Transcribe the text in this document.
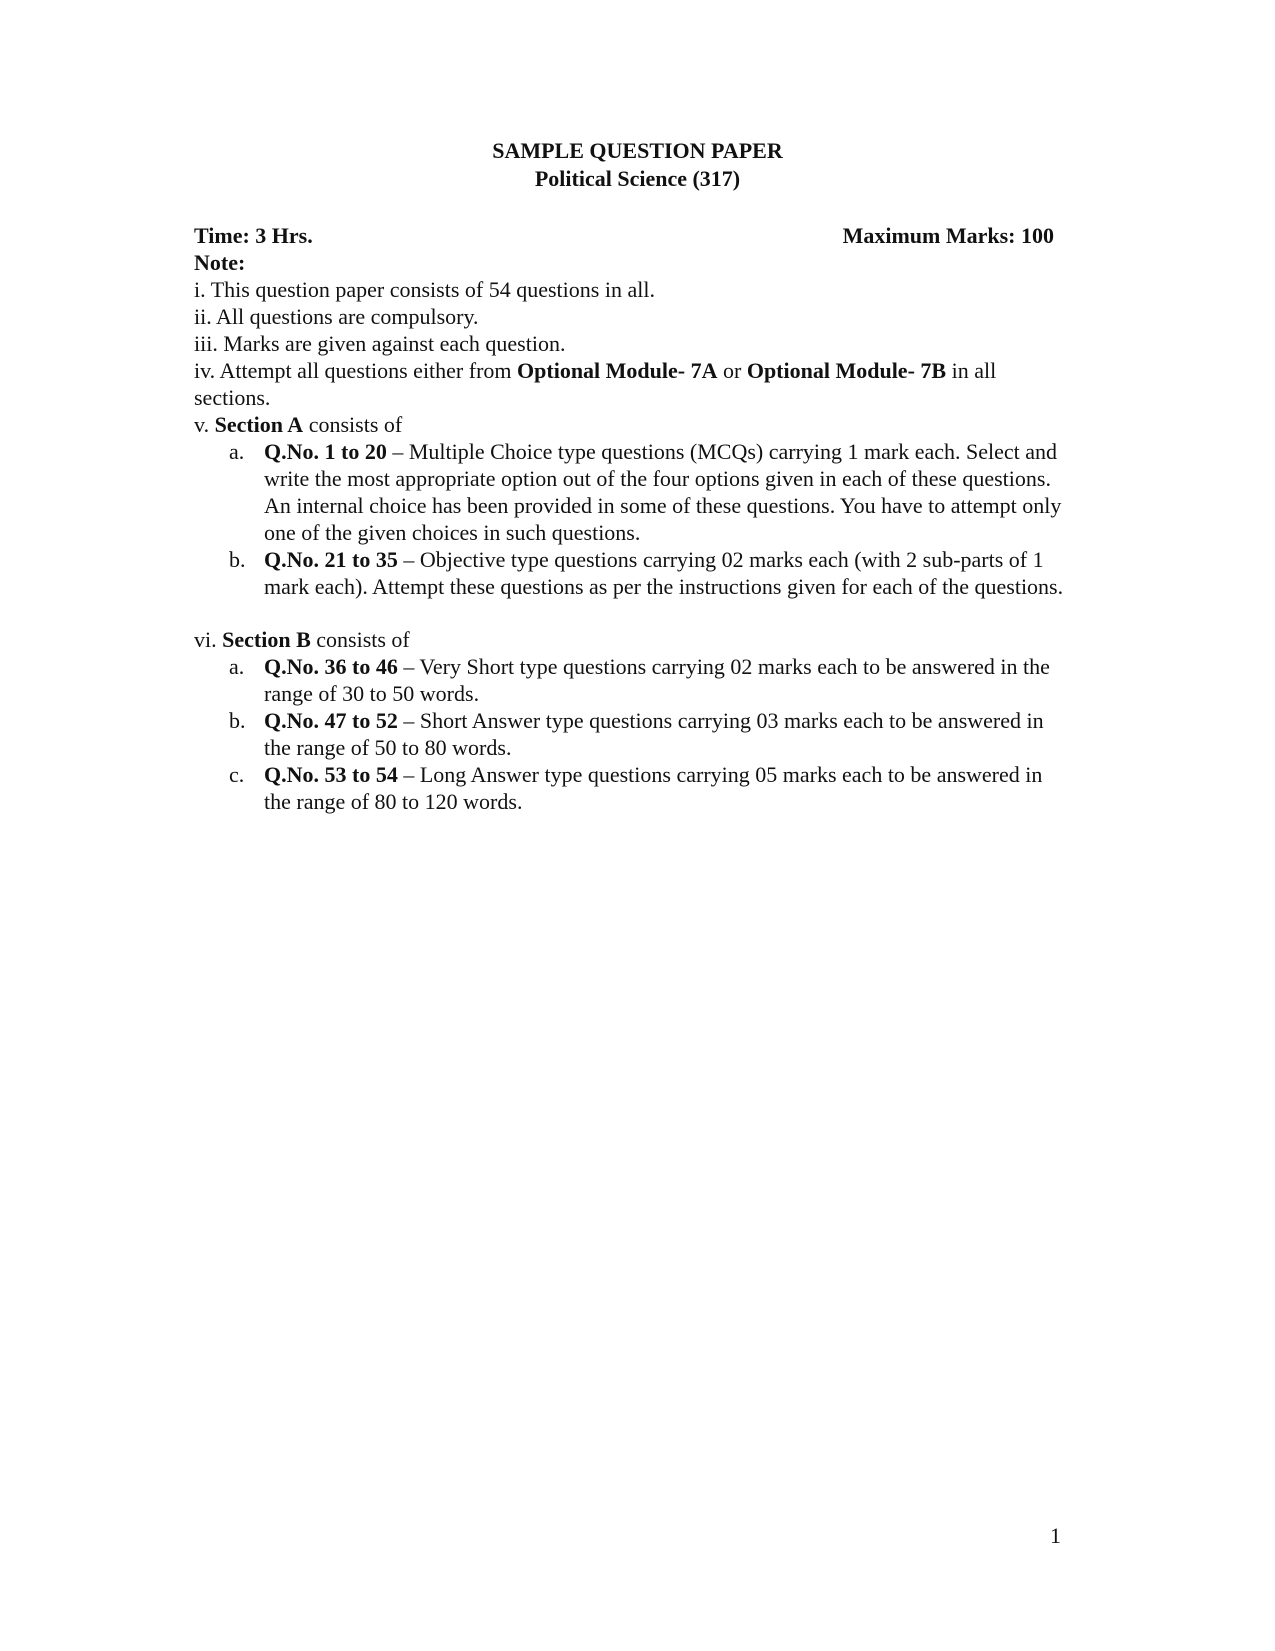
SAMPLE QUESTION PAPER
Political Science (317)
Time: 3 Hrs.	Maximum Marks: 100

Note:

i. This question paper consists of 54 questions in all.

ii. All questions are compulsory.

iii. Marks are given against each question.

iv. Attempt all questions either from Optional Module- 7A or Optional Module- 7B in all sections.

v. Section A consists of

a. Q.No. 1 to 20 – Multiple Choice type questions (MCQs) carrying 1 mark each. Select and write the most appropriate option out of the four options given in each of these questions. An internal choice has been provided in some of these questions. You have to attempt only one of the given choices in such questions.
b. Q.No. 21 to 35 – Objective type questions carrying 02 marks each (with 2 sub-parts of 1 mark each). Attempt these questions as per the instructions given for each of the questions.

vi. Section B consists of

a. Q.No. 36 to 46 – Very Short type questions carrying 02 marks each to be answered in the range of 30 to 50 words.
b. Q.No. 47 to 52 – Short Answer type questions carrying 03 marks each to be answered in the range of 50 to 80 words.
c. Q.No. 53 to 54 – Long Answer type questions carrying 05 marks each to be answered in the range of 80 to 120 words.
1
